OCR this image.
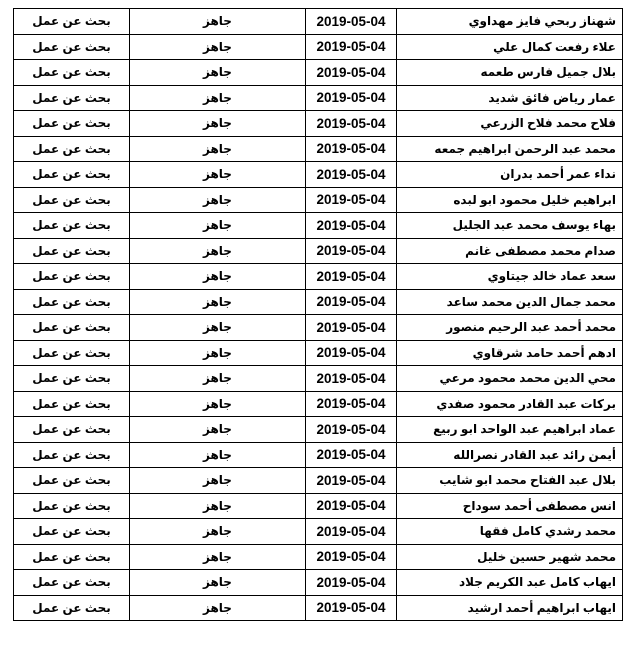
شهناز ربحي فايز مهداوي	2019-05-04	جاهز	بحث عن عمل
علاء رفعت كمال علي	2019-05-04	جاهز	بحث عن عمل
بلال جميل فارس طعمه	2019-05-04	جاهز	بحث عن عمل
عمار رياض فائق شديد	2019-05-04	جاهز	بحث عن عمل
فلاح محمد فلاح الزرعي	2019-05-04	جاهز	بحث عن عمل
محمد عبد الرحمن ابراهيم جمعه	2019-05-04	جاهز	بحث عن عمل
نداء عمر أحمد بدران	2019-05-04	جاهز	بحث عن عمل
ابراهيم خليل محمود ابو لبده	2019-05-04	جاهز	بحث عن عمل
بهاء يوسف محمد عبد الجليل	2019-05-04	جاهز	بحث عن عمل
صدام محمد مصطفى غانم	2019-05-04	جاهز	بحث عن عمل
سعد عماد خالد جيتاوي	2019-05-04	جاهز	بحث عن عمل
محمد جمال الدين محمد ساعد	2019-05-04	جاهز	بحث عن عمل
محمد أحمد عبد الرحيم منصور	2019-05-04	جاهز	بحث عن عمل
ادهم أحمد حامد شرقاوي	2019-05-04	جاهز	بحث عن عمل
محي الدين محمد محمود مرعي	2019-05-04	جاهز	بحث عن عمل
بركات عبد القادر محمود صفدي	2019-05-04	جاهز	بحث عن عمل
عماد ابراهيم عبد الواحد ابو ربيع	2019-05-04	جاهز	بحث عن عمل
أيمن رائد عبد القادر نصرالله	2019-05-04	جاهز	بحث عن عمل
بلال عبد الفتاح محمد ابو شايب	2019-05-04	جاهز	بحث عن عمل
انس مصطفى أحمد سوداح	2019-05-04	جاهز	بحث عن عمل
محمد رشدي كامل فقها	2019-05-04	جاهز	بحث عن عمل
محمد شهير حسين خليل	2019-05-04	جاهز	بحث عن عمل
ايهاب كامل عبد الكريم جلاد	2019-05-04	جاهز	بحث عن عمل
ايهاب ابراهيم أحمد ارشيد	2019-05-04	جاهز	بحث عن عمل
